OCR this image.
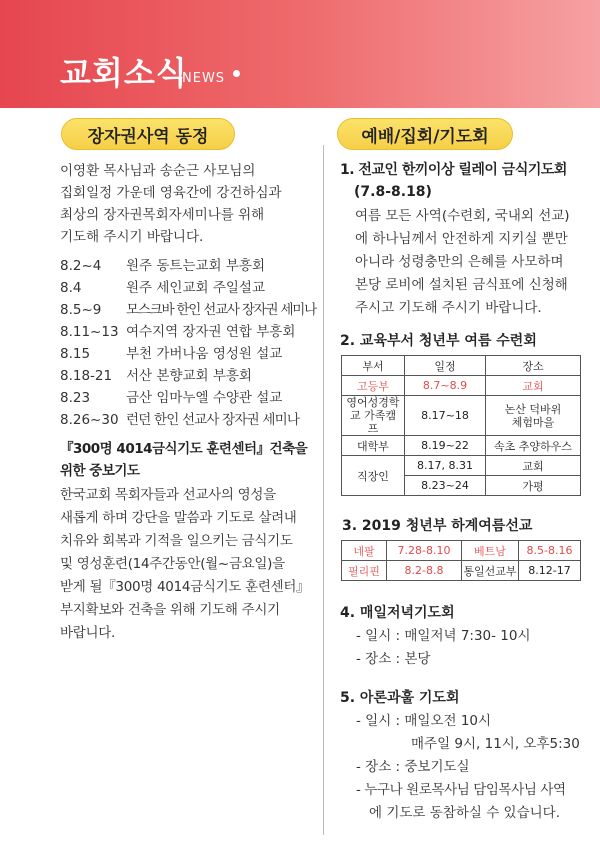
교회소식
NEWS
장자권사역 동정
이영환 목사님과 송순근 사모님의
집회일정 가운데 영육간에 강건하심과
최상의 장자권목회자세미나를 위해
기도해 주시기 바랍니다.
8.2~4	원주 동트는교회 부흥회
8.4	원주 세인교회 주일설교
8.5~9	모스크바 한인 선교사 장자권 세미나
8.11~13 여수지역 장자권 연합 부흥회
8.15	부천 가버나움 영성원 설교
8.18-21	서산 본향교회 부흥회
8.23	금산 임마누엘 수양관 설교
8.26~30 런던 한인 선교사 장자권 세미나
『300명 4014금식기도 훈련센터』건축을
위한 중보기도
한국교회 목회자들과 선교사의 영성을
새롭게 하며 강단을 말씀과 기도로 살려내
치유와 회복과 기적을 일으키는 금식기도
및 영성훈련(14주간동안(월~금요일)을
받게 될『300명 4014금식기도 훈련센터』
부지확보와 건축을 위해 기도해 주시기
바랍니다.
예배/집회/기도회
1. 전교인 한끼이상 릴레이 금식기도회
(7.8-8.18)
여름 모든 사역(수련회, 국내외 선교)
에 하나님께서 안전하게 지키실 뿐만
아니라 성령충만의 은혜를 사모하며
본당 로비에 설치된 금식표에 신청해
주시고 기도해 주시기 바랍니다.
2. 교육부서 청년부 여름 수련회
부서	일정	장소
고등부	8.7~8.9	교회
영어성경학교 가족캠프	8.17~18	논산 덕바위 체험마을
대학부	8.19~22	속초 추양하우스
직장인	8.17, 8.31	교회
	8.23~24	가평
3. 2019 청년부 하계여름선교
네팔	7.28-8.10	베트남	8.5-8.16
필리핀	8.2-8.8	통일선교부	8.12-17
4. 매일저녁기도회
- 일시 : 매일저녁 7:30- 10시
- 장소 : 본당
5. 아론과훌 기도회
- 일시 : 매일오전 10시
매주일 9시, 11시, 오후5:30
- 장소 : 중보기도실
- 누구나 원로목사님 담임목사님 사역
에 기도로 동참하실 수 있습니다.
